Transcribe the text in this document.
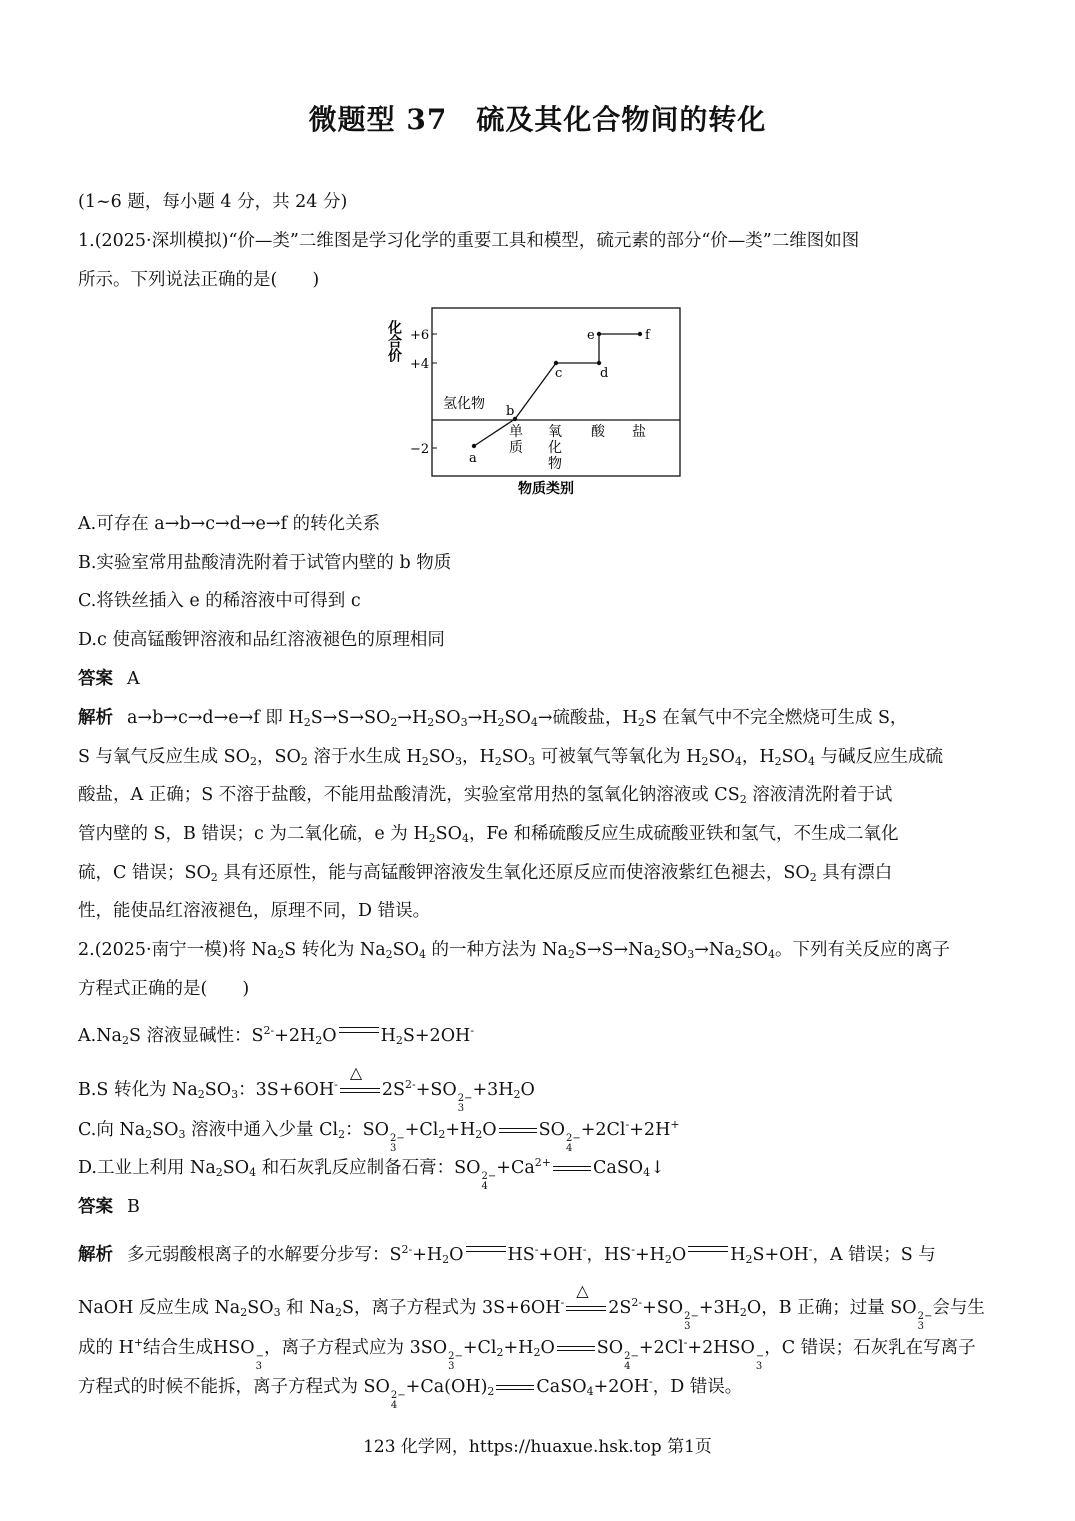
微题型 37　硫及其化合物间的转化
(1~6 题，每小题 4 分，共 24 分)
1.(2025·深圳模拟)“价—类”二维图是学习化学的重要工具和模型，硫元素的部分“价—类”二维图如图
所示。下列说法正确的是(　　)
+6
+4
−2
化合价
a
b
c	d
e	f
氢化物
单
质
氧
化
物
酸 盐
物质类别
A.可存在 a→b→c→d→e→f 的转化关系
B.实验室常用盐酸清洗附着于试管内壁的 b 物质
C.将铁丝插入 e 的稀溶液中可得到 c
D.c 使高锰酸钾溶液和品红溶液褪色的原理相同
答案 A
解析 a→b→c→d→e→f 即 $H_2S\to S\to SO_2\to H_2SO_3\to H_2SO_4\to$硫酸盐，$H_2S$ 在氧气中不完全燃烧可生成 S，
S 与氧气反应生成 $SO_2$，$SO_2$ 溶于水生成 $H_2SO_3$，$H_2SO_3$ 可被氧气等氧化为 $H_2SO_4$，$H_2SO_4$ 与碱反应生成硫
酸盐，A 正确；S 不溶于盐酸，不能用盐酸清洗，实验室常用热的氢氧化钠溶液或 $CS_2$ 溶液清洗附着于试
管内壁的 S，B 错误；c 为二氧化硫，e 为 $H_2SO_4$，Fe 和稀硫酸反应生成硫酸亚铁和氢气，不生成二氧化
硫，C 错误；$SO_2$ 具有还原性，能与高锰酸钾溶液发生氧化还原反应而使溶液紫红色褪去，$SO_2$ 具有漂白
性，能使品红溶液褪色，原理不同，D 错误。
2.(2025·南宁一模)将 $Na_2S$ 转化为 $Na_2SO_4$ 的一种方法为 $Na_2S\to S\to Na_2SO_3\to Na_2SO_4$。下列有关反应的离子
方程式正确的是(　　)
$A.Na_2S$ 溶液显碱性：$S^{2-}+2H_2O$	$H_2S+2OH^-$
B.S 转化为 $Na_2SO_3$：3S+6OH-
△
$2S^{2-}+SO$ 2−
3
$+3H_2O$
C.向 $Na_2SO_3$ 溶液中通入少量 $Cl_2$：SO 2−
3
$+Cl_2+H_2O$ SO 2−
4
+2Cl-+2H+
D.工业上利用 $Na_2SO_4$ 和石灰乳反应制备石膏：SO 2−
4
$+Ca^{2+}$ CaSO$_4$↓
答案 B
解析 多元弱酸根离子的水解要分步写：$S^{2-}+H_2O$	HS-+OH-，$HS^-+H_2O$	$H_2S+OH^-$，A 错误；S 与
NaOH 反应生成 $Na_2SO_3$ 和 $Na_2S$，离子方程式为 3S+6OH-
△
$2S^{2-}+SO$ 2−
3
$+3H_2O$，B 正确；过量 SO 2−
3
会与生
成的 H+结合生成HSO −
3
，离子方程式应为 3SO 2−
3
$+Cl_2+H_2O$ SO 2−
4
+2Cl-+2HSO −
3
，C 错误；石灰乳在写离子
方程式的时候不能拆，离子方程式为 SO 2−
4
$+Ca(OH)_2$ CaSO$_4$+2OH-，D 错误。
123 化学网，https://huaxue.hsk.top 第1页
